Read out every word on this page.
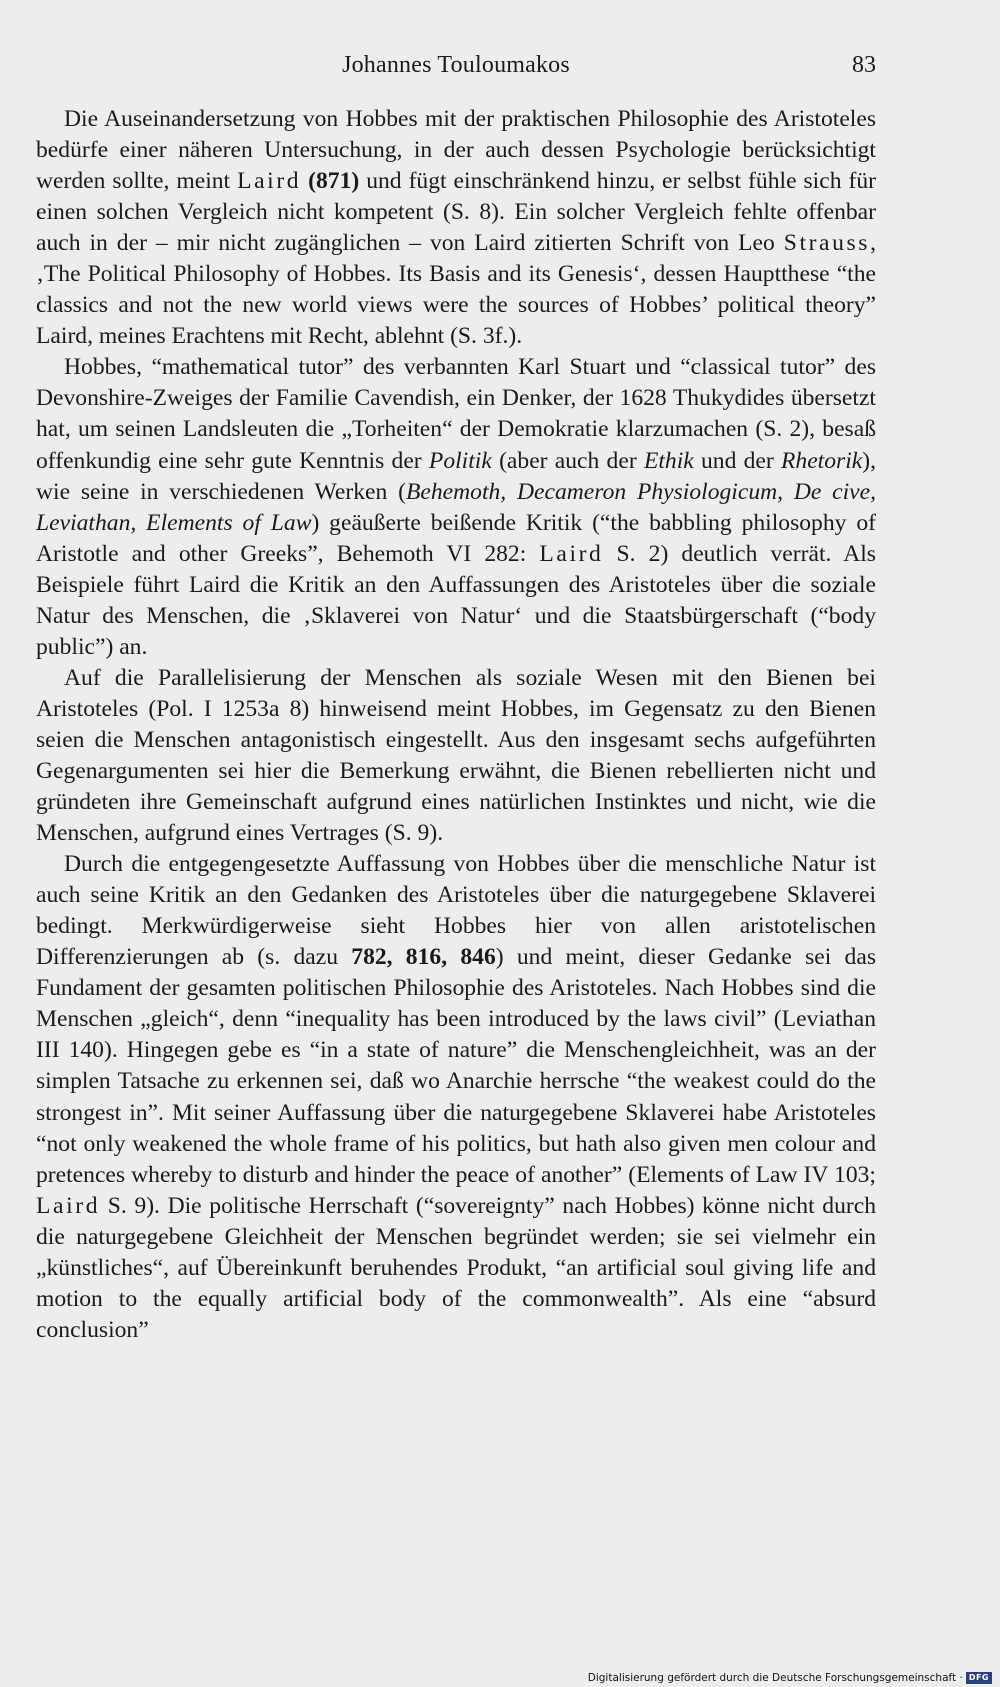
Johannes Touloumakos	83

Die Auseinandersetzung von Hobbes mit der praktischen Philosophie des Aristoteles bedürfe einer näheren Untersuchung, in der auch dessen Psychologie berücksichtigt werden sollte, meint Laird (871) und fügt einschränkend hinzu, er selbst fühle sich für einen solchen Vergleich nicht kompetent (S. 8). Ein solcher Vergleich fehlte offenbar auch in der – mir nicht zugänglichen – von Laird zitierten Schrift von Leo Strauss, ‚The Political Philosophy of Hobbes. Its Basis and its Genesis‘, dessen Hauptthese “the classics and not the new world views were the sources of Hobbes’ political theory” Laird, meines Erachtens mit Recht, ablehnt (S. 3f.).

Hobbes, “mathematical tutor” des verbannten Karl Stuart und “classical tutor” des Devonshire-Zweiges der Familie Cavendish, ein Denker, der 1628 Thukydides übersetzt hat, um seinen Landsleuten die „Torheiten“ der Demokratie klarzumachen (S. 2), besaß offenkundig eine sehr gute Kenntnis der Politik (aber auch der Ethik und der Rhetorik), wie seine in verschiedenen Werken (Behemoth, Decameron Physiologicum, De cive, Leviathan, Elements of Law) geäußerte beißende Kritik (“the babbling philosophy of Aristotle and other Greeks”, Behemoth VI 282: Laird S. 2) deutlich verrät. Als Beispiele führt Laird die Kritik an den Auffassungen des Aristoteles über die soziale Natur des Menschen, die ‚Sklaverei von Natur‘ und die Staatsbürgerschaft (“body public”) an.

Auf die Parallelisierung der Menschen als soziale Wesen mit den Bienen bei Aristoteles (Pol. I 1253a 8) hinweisend meint Hobbes, im Gegensatz zu den Bienen seien die Menschen antagonistisch eingestellt. Aus den insgesamt sechs aufgeführten Gegenargumenten sei hier die Bemerkung erwähnt, die Bienen rebellierten nicht und gründeten ihre Gemeinschaft aufgrund eines natürlichen Instinktes und nicht, wie die Menschen, aufgrund eines Vertrages (S. 9).

Durch die entgegengesetzte Auffassung von Hobbes über die menschliche Natur ist auch seine Kritik an den Gedanken des Aristoteles über die naturgegebene Sklaverei bedingt. Merkwürdigerweise sieht Hobbes hier von allen aristotelischen Differenzierungen ab (s. dazu 782, 816, 846) und meint, dieser Gedanke sei das Fundament der gesamten politischen Philosophie des Aristoteles. Nach Hobbes sind die Menschen „gleich“, denn “inequality has been introduced by the laws civil” (Leviathan III 140). Hingegen gebe es “in a state of nature” die Menschengleichheit, was an der simplen Tatsache zu erkennen sei, daß wo Anarchie herrsche “the weakest could do the strongest in”. Mit seiner Auffassung über die naturgegebene Sklaverei habe Aristoteles “not only weakened the whole frame of his politics, but hath also given men colour and pretences whereby to disturb and hinder the peace of another” (Elements of Law IV 103; Laird S. 9). Die politische Herrschaft (“sovereignty” nach Hobbes) könne nicht durch die naturgegebene Gleichheit der Menschen begründet werden; sie sei vielmehr ein „künstliches“, auf Übereinkunft beruhendes Produkt, “an artificial soul giving life and motion to the equally artificial body of the commonwealth”. Als eine “absurd conclusion”

Digitalisierung gefördert durch die Deutsche Forschungsgemeinschaft · DFG
